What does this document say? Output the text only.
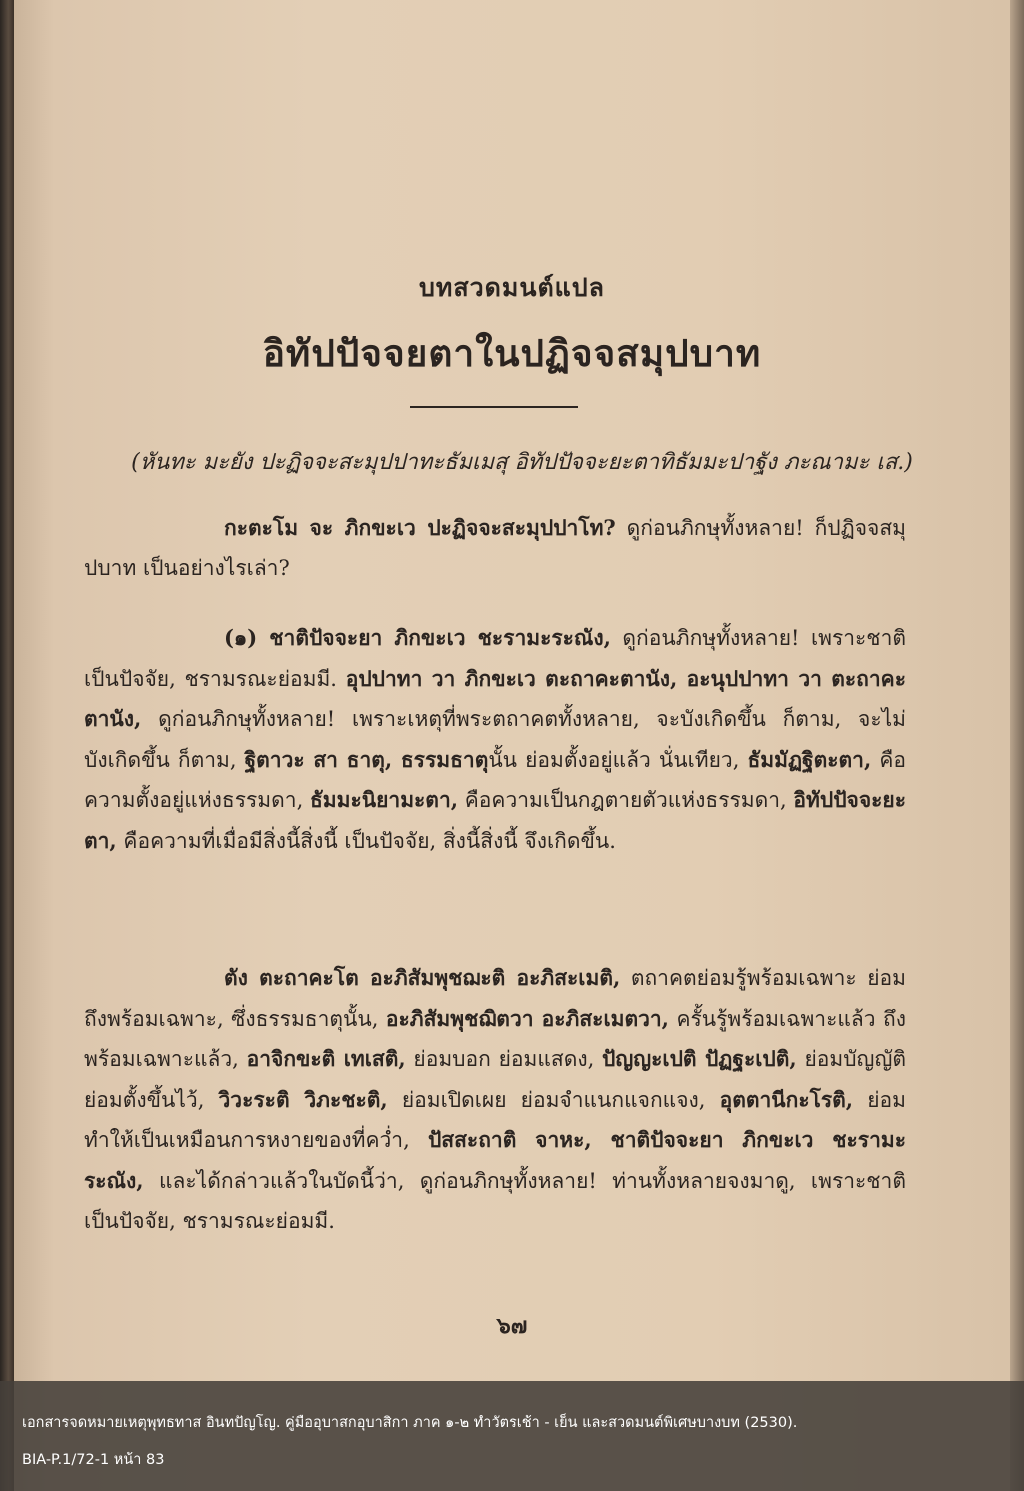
บทสวดมนต์แปล
อิทัปปัจจยตาในปฏิจจสมุปบาท
(หันทะ มะยัง ปะฏิจจะสะมุปปาทะธัมเมสุ อิทัปปัจจะยะตาทิธัมมะปาฐัง ภะณามะ เส.)
กะตะโม จะ ภิกขะเว ปะฏิจจะสะมุปปาโท? ดูก่อนภิกษุทั้งหลาย! ก็ปฏิจจสมุปบาท เป็นอย่างไรเล่า?
(๑) ชาติปัจจะยา ภิกขะเว ชะรามะระณัง, ดูก่อนภิกษุทั้งหลาย! เพราะชาติเป็นปัจจัย, ชรามรณะย่อมมี. อุปปาทา วา ภิกขะเว ตะถาคะตานัง, อะนุปปาทา วา ตะถาคะตานัง, ดูก่อนภิกษุทั้งหลาย! เพราะเหตุที่พระตถาคตทั้งหลาย, จะบังเกิดขึ้น ก็ตาม, จะไม่บังเกิดขึ้น ก็ตาม, ฐิตาวะ สา ธาตุ, ธรรมธาตุนั้น ย่อมตั้งอยู่แล้ว นั่นเทียว, ธัมมัฏฐิตะตา, คือความตั้งอยู่แห่งธรรมดา, ธัมมะนิยามะตา, คือความเป็นกฎตายตัวแห่งธรรมดา, อิทัปปัจจะยะตา, คือความที่เมื่อมีสิ่งนี้สิ่งนี้ เป็นปัจจัย, สิ่งนี้สิ่งนี้ จึงเกิดขึ้น.
ตัง ตะถาคะโต อะภิสัมพุชฌะติ อะภิสะเมติ, ตถาคตย่อมรู้พร้อมเฉพาะ ย่อมถึงพร้อมเฉพาะ, ซึ่งธรรมธาตุนั้น, อะภิสัมพุชฌิตวา อะภิสะเมตวา, ครั้นรู้พร้อมเฉพาะแล้ว ถึงพร้อมเฉพาะแล้ว, อาจิกขะติ เทเสติ, ย่อมบอก ย่อมแสดง, ปัญญะเปติ ปัฏฐะเปติ, ย่อมบัญญัติ ย่อมตั้งขึ้นไว้, วิวะระติ วิภะชะติ, ย่อมเปิดเผย ย่อมจำแนกแจกแจง, อุตตานีกะโรติ, ย่อมทำให้เป็นเหมือนการหงายของที่คว่ำ, ปัสสะถาติ จาหะ, ชาติปัจจะยา ภิกขะเว ชะรามะระณัง, และได้กล่าวแล้วในบัดนี้ว่า, ดูก่อนภิกษุทั้งหลาย! ท่านทั้งหลายจงมาดู, เพราะชาติเป็นปัจจัย, ชรามรณะย่อมมี.
๖๗
เอกสารจดหมายเหตุพุทธทาส อินทปัญโญ. คู่มืออุบาสกอุบาสิกา ภาค ๑-๒ ทำวัตรเช้า - เย็น และสวดมนต์พิเศษบางบท (2530).
BIA-P.1/72-1 หน้า 83
